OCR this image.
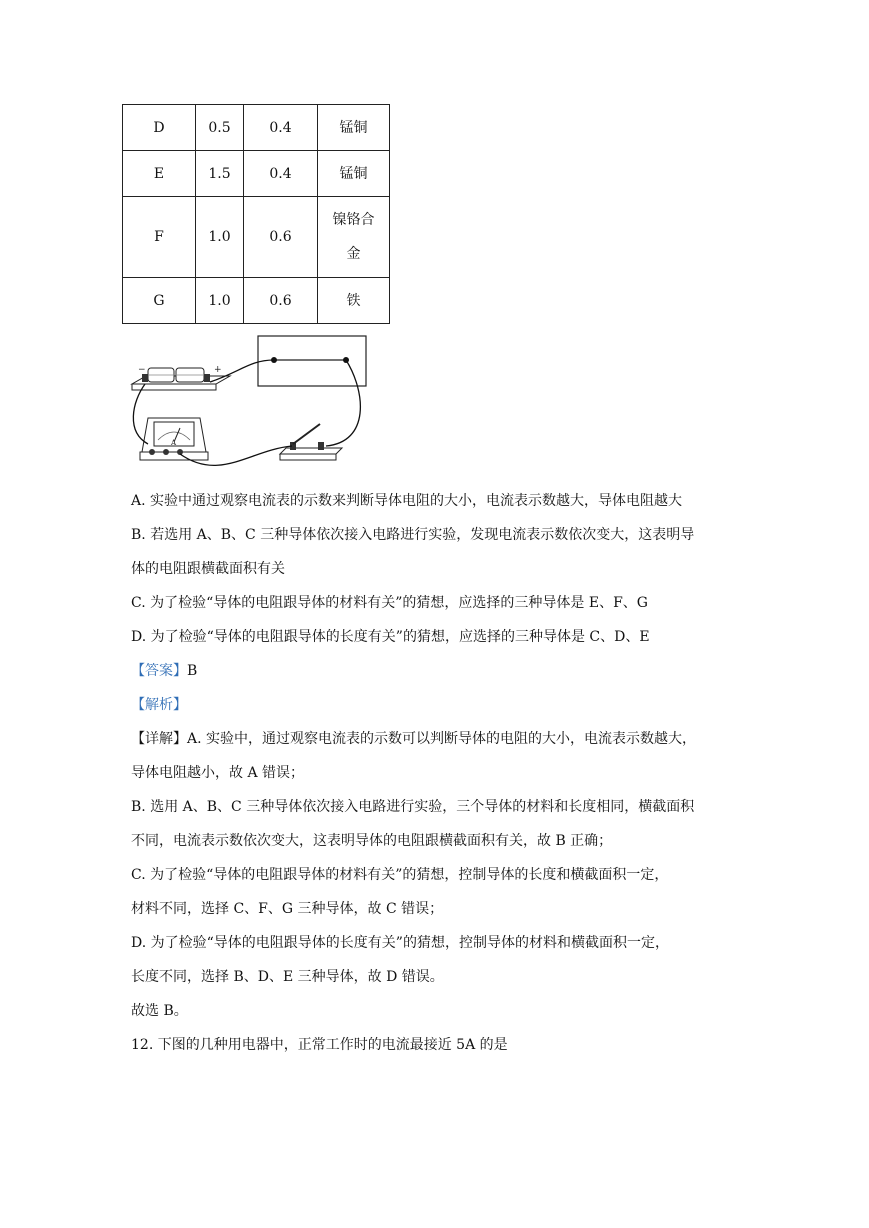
D	0.5	0.4	锰铜
E	1.5	0.4	锰铜
F	1.0	0.6	镍铬合
金

G	1.0	0.6	铁
−	+
A
A. 实验中通过观察电流表的示数来判断导体电阻的大小，电流表示数越大，导体电阻越大
B. 若选用 A、B、C 三种导体依次接入电路进行实验，发现电流表示数依次变大，这表明导
体的电阻跟横截面积有关
C. 为了检验“导体的电阻跟导体的材料有关”的猜想，应选择的三种导体是 E、F、G
D. 为了检验“导体的电阻跟导体的长度有关”的猜想，应选择的三种导体是 C、D、E
【答案】B
【解析】
【详解】A. 实验中，通过观察电流表的示数可以判断导体的电阻的大小，电流表示数越大，
导体电阻越小，故 A 错误；
B. 选用 A、B、C 三种导体依次接入电路进行实验，三个导体的材料和长度相同，横截面积
不同，电流表示数依次变大，这表明导体的电阻跟横截面积有关，故 B 正确；
C. 为了检验“导体的电阻跟导体的材料有关”的猜想，控制导体的长度和横截面积一定，
材料不同，选择 C、F、G 三种导体，故 C 错误；
D. 为了检验“导体的电阻跟导体的长度有关”的猜想，控制导体的材料和横截面积一定，
长度不同，选择 B、D、E 三种导体，故 D 错误。
故选 B。
12. 下图的几种用电器中，正常工作时的电流最接近 5A 的是
